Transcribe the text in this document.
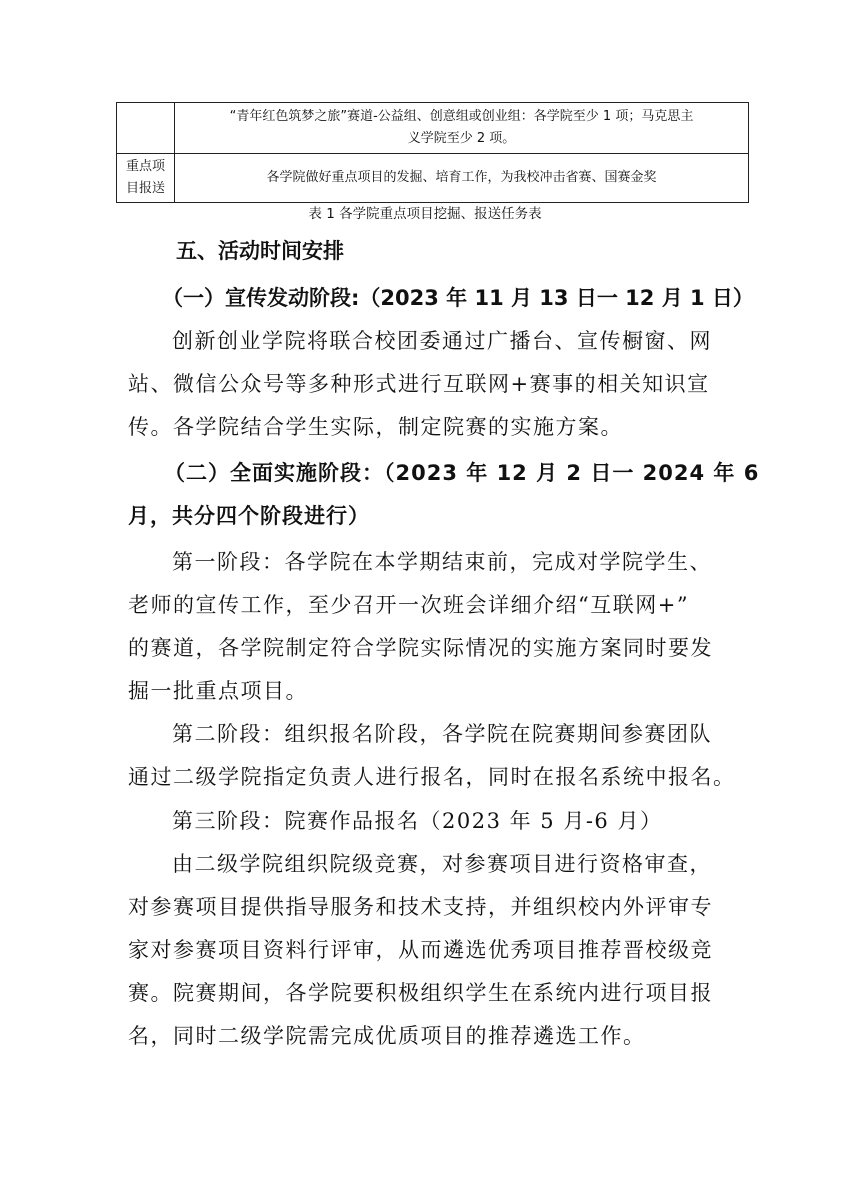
	“青年红色筑梦之旅”赛道-公益组、创意组或创业组：各学院至少 1 项；马克思主
义学院至少 2 项。

重点项
目报送	各学院做好重点项目的发掘、培育工作，为我校冲击省赛、国赛金奖
表 1 各学院重点项目挖掘、报送任务表
五、活动时间安排
（一）宣传发动阶段:（2023 年 11 月 13 日一 12 月 1 日）
创新创业学院将联合校团委通过广播台、宣传橱窗、网
站、微信公众号等多种形式进行互联网+赛事的相关知识宣
传。各学院结合学生实际，制定院赛的实施方案。
（二）全面实施阶段：（2023 年 12 月 2 日一 2024 年 6
月，共分四个阶段进行）
第一阶段：各学院在本学期结束前，完成对学院学生、
老师的宣传工作，至少召开一次班会详细介绍“互联网+”
的赛道，各学院制定符合学院实际情况的实施方案同时要发
掘一批重点项目。
第二阶段：组织报名阶段，各学院在院赛期间参赛团队
通过二级学院指定负责人进行报名，同时在报名系统中报名。
第三阶段：院赛作品报名（2023 年 5 月-6 月）
由二级学院组织院级竞赛，对参赛项目进行资格审查，
对参赛项目提供指导服务和技术支持，并组织校内外评审专
家对参赛项目资料行评审，从而遴选优秀项目推荐晋校级竞
赛。院赛期间，各学院要积极组织学生在系统内进行项目报
名，同时二级学院需完成优质项目的推荐遴选工作。
